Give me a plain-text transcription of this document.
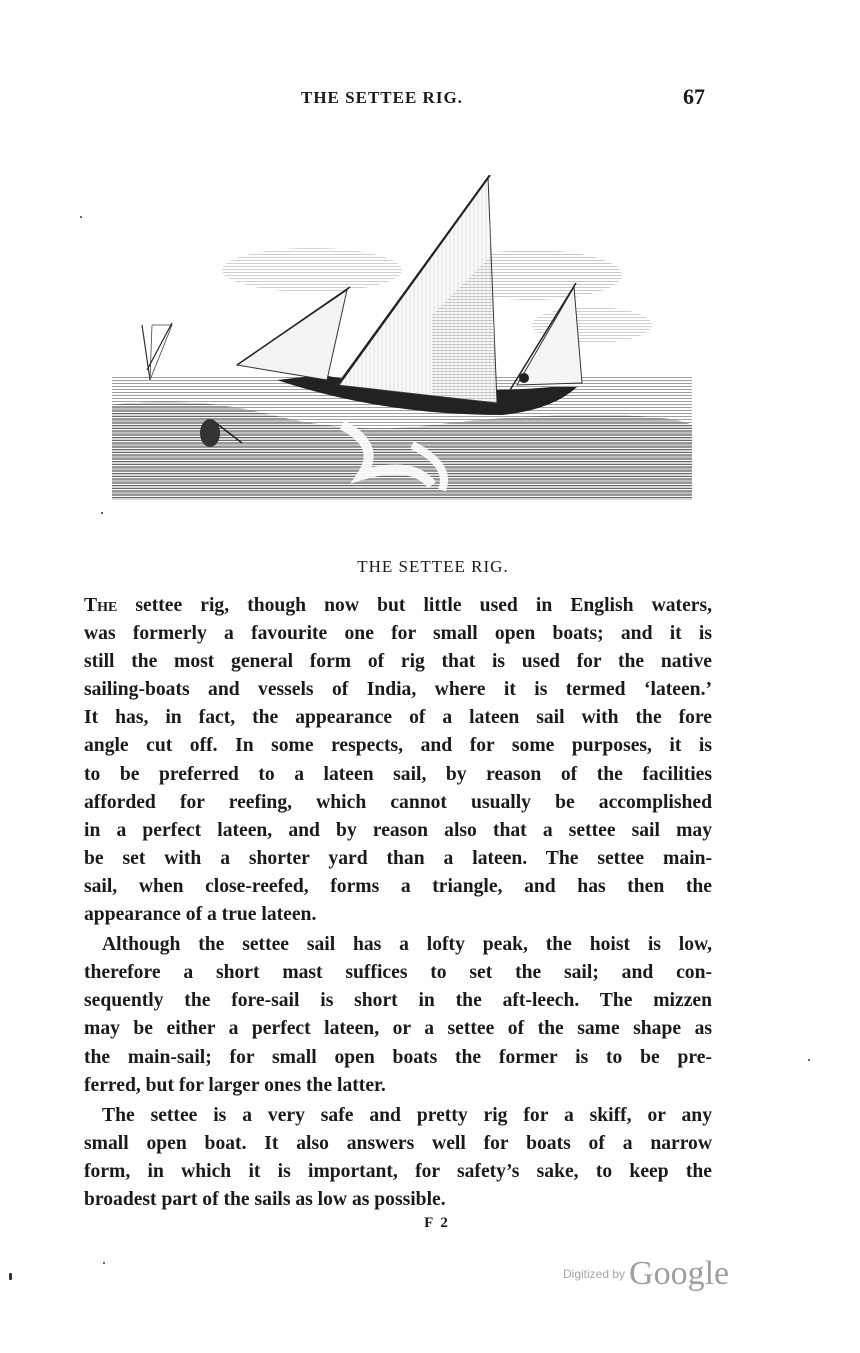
THE SETTEE RIG.	67
THE SETTEE RIG.
The settee rig, though now but little used in English waters,
was formerly a favourite one for small open boats; and it is
still the most general form of rig that is used for the native
sailing-boats and vessels of India, where it is termed ‘lateen.’
It has, in fact, the appearance of a lateen sail with the fore
angle cut off. In some respects, and for some purposes, it is
to be preferred to a lateen sail, by reason of the facilities
afforded for reefing, which cannot usually be accomplished
in a perfect lateen, and by reason also that a settee sail may
be set with a shorter yard than a lateen. The settee main-
sail, when close-reefed, forms a triangle, and has then the
appearance of a true lateen.
Although the settee sail has a lofty peak, the hoist is low,
therefore a short mast suffices to set the sail; and con-
sequently the fore-sail is short in the aft-leech. The mizzen
may be either a perfect lateen, or a settee of the same shape as
the main-sail; for small open boats the former is to be pre-
ferred, but for larger ones the latter.
The settee is a very safe and pretty rig for a skiff, or any
small open boat. It also answers well for boats of a narrow
form, in which it is important, for safety’s sake, to keep the
broadest part of the sails as low as possible.
F 2
Digitized by Google
